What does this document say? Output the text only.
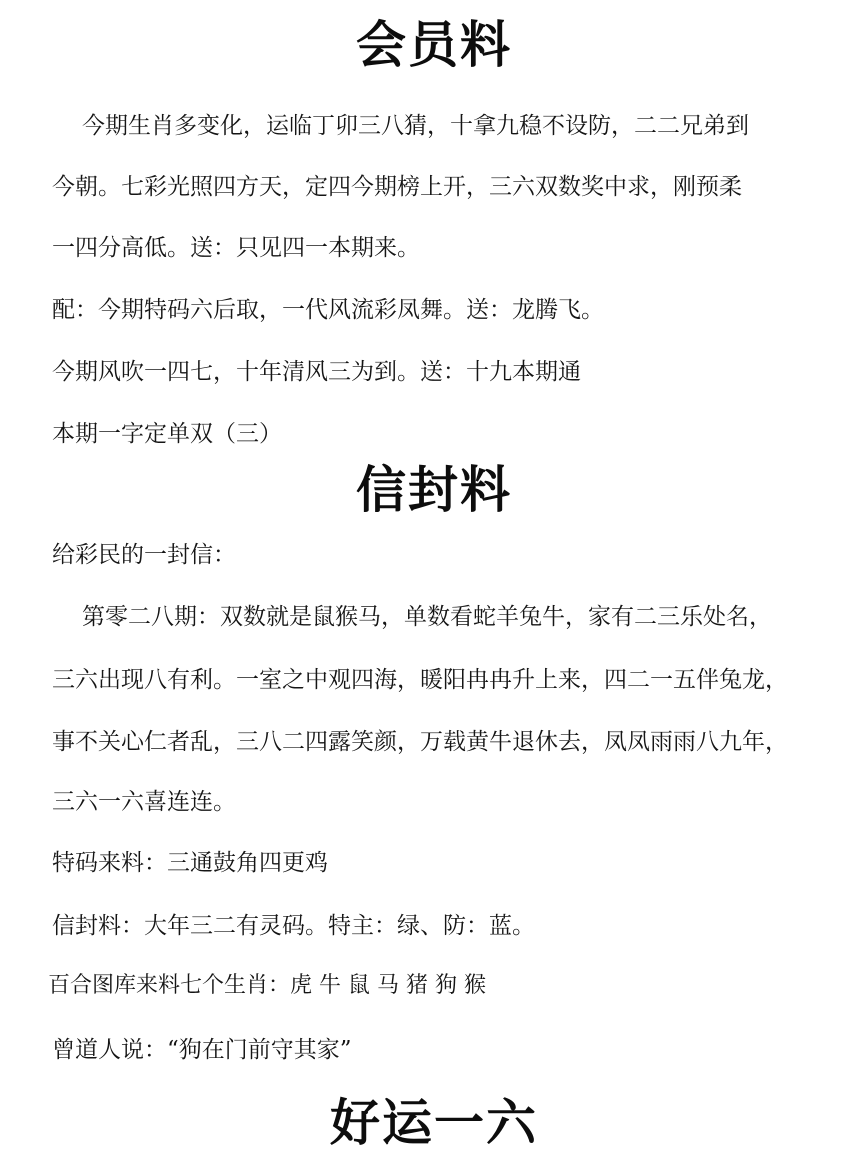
会员料
今期生肖多变化，运临丁卯三八猜，十拿九稳不设防，二二兄弟到
今朝。七彩光照四方天，定四今期榜上开，三六双数奖中求，刚预柔
一四分高低。送：只见四一本期来。
配：今期特码六后取，一代风流彩凤舞。送：龙腾飞。
今期风吹一四七，十年清风三为到。送：十九本期通
本期一字定单双（三）
信封料
给彩民的一封信：
第零二八期：双数就是鼠猴马，单数看蛇羊兔牛，家有二三乐处名，
三六出现八有利。一室之中观四海，暖阳冉冉升上来，四二一五伴兔龙，
事不关心仁者乱，三八二四露笑颜，万载黄牛退休去，凤凤雨雨八九年，
三六一六喜连连。
特码来料：三通鼓角四更鸡
信封料：大年三二有灵码。特主：绿、防：蓝。
百合图库来料七个生肖：虎 牛 鼠 马 猪 狗 猴
曾道人说：“狗在门前守其家”
好运一六
